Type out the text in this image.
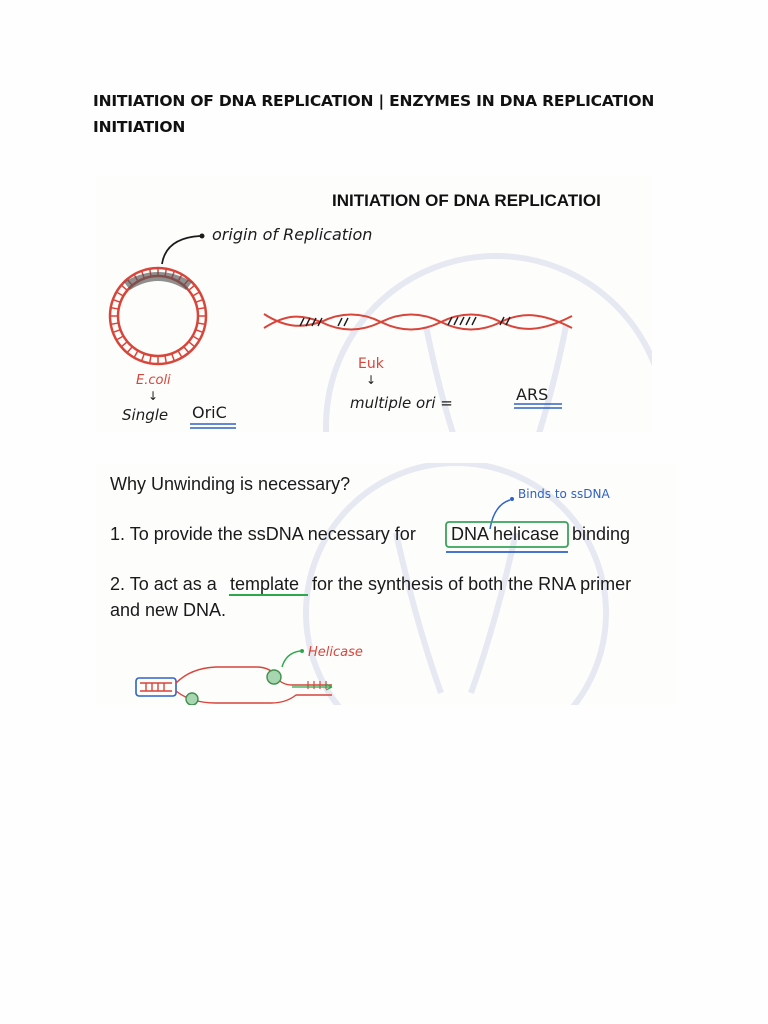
INITIATION OF DNA REPLICATION | ENZYMES IN DNA REPLICATION INITIATION
INITIATION OF DNA REPLICATIOI
origin of Replication
E.coli
↓
Single OriC
Euk
↓
multiple ori =	ARS
Why Unwinding is necessary?	Binds to ssDNA
1. To provide the ssDNA necessary for DNA helicase binding
2. To act as a template for the synthesis of both the RNA primer
and new DNA.
Helicase
